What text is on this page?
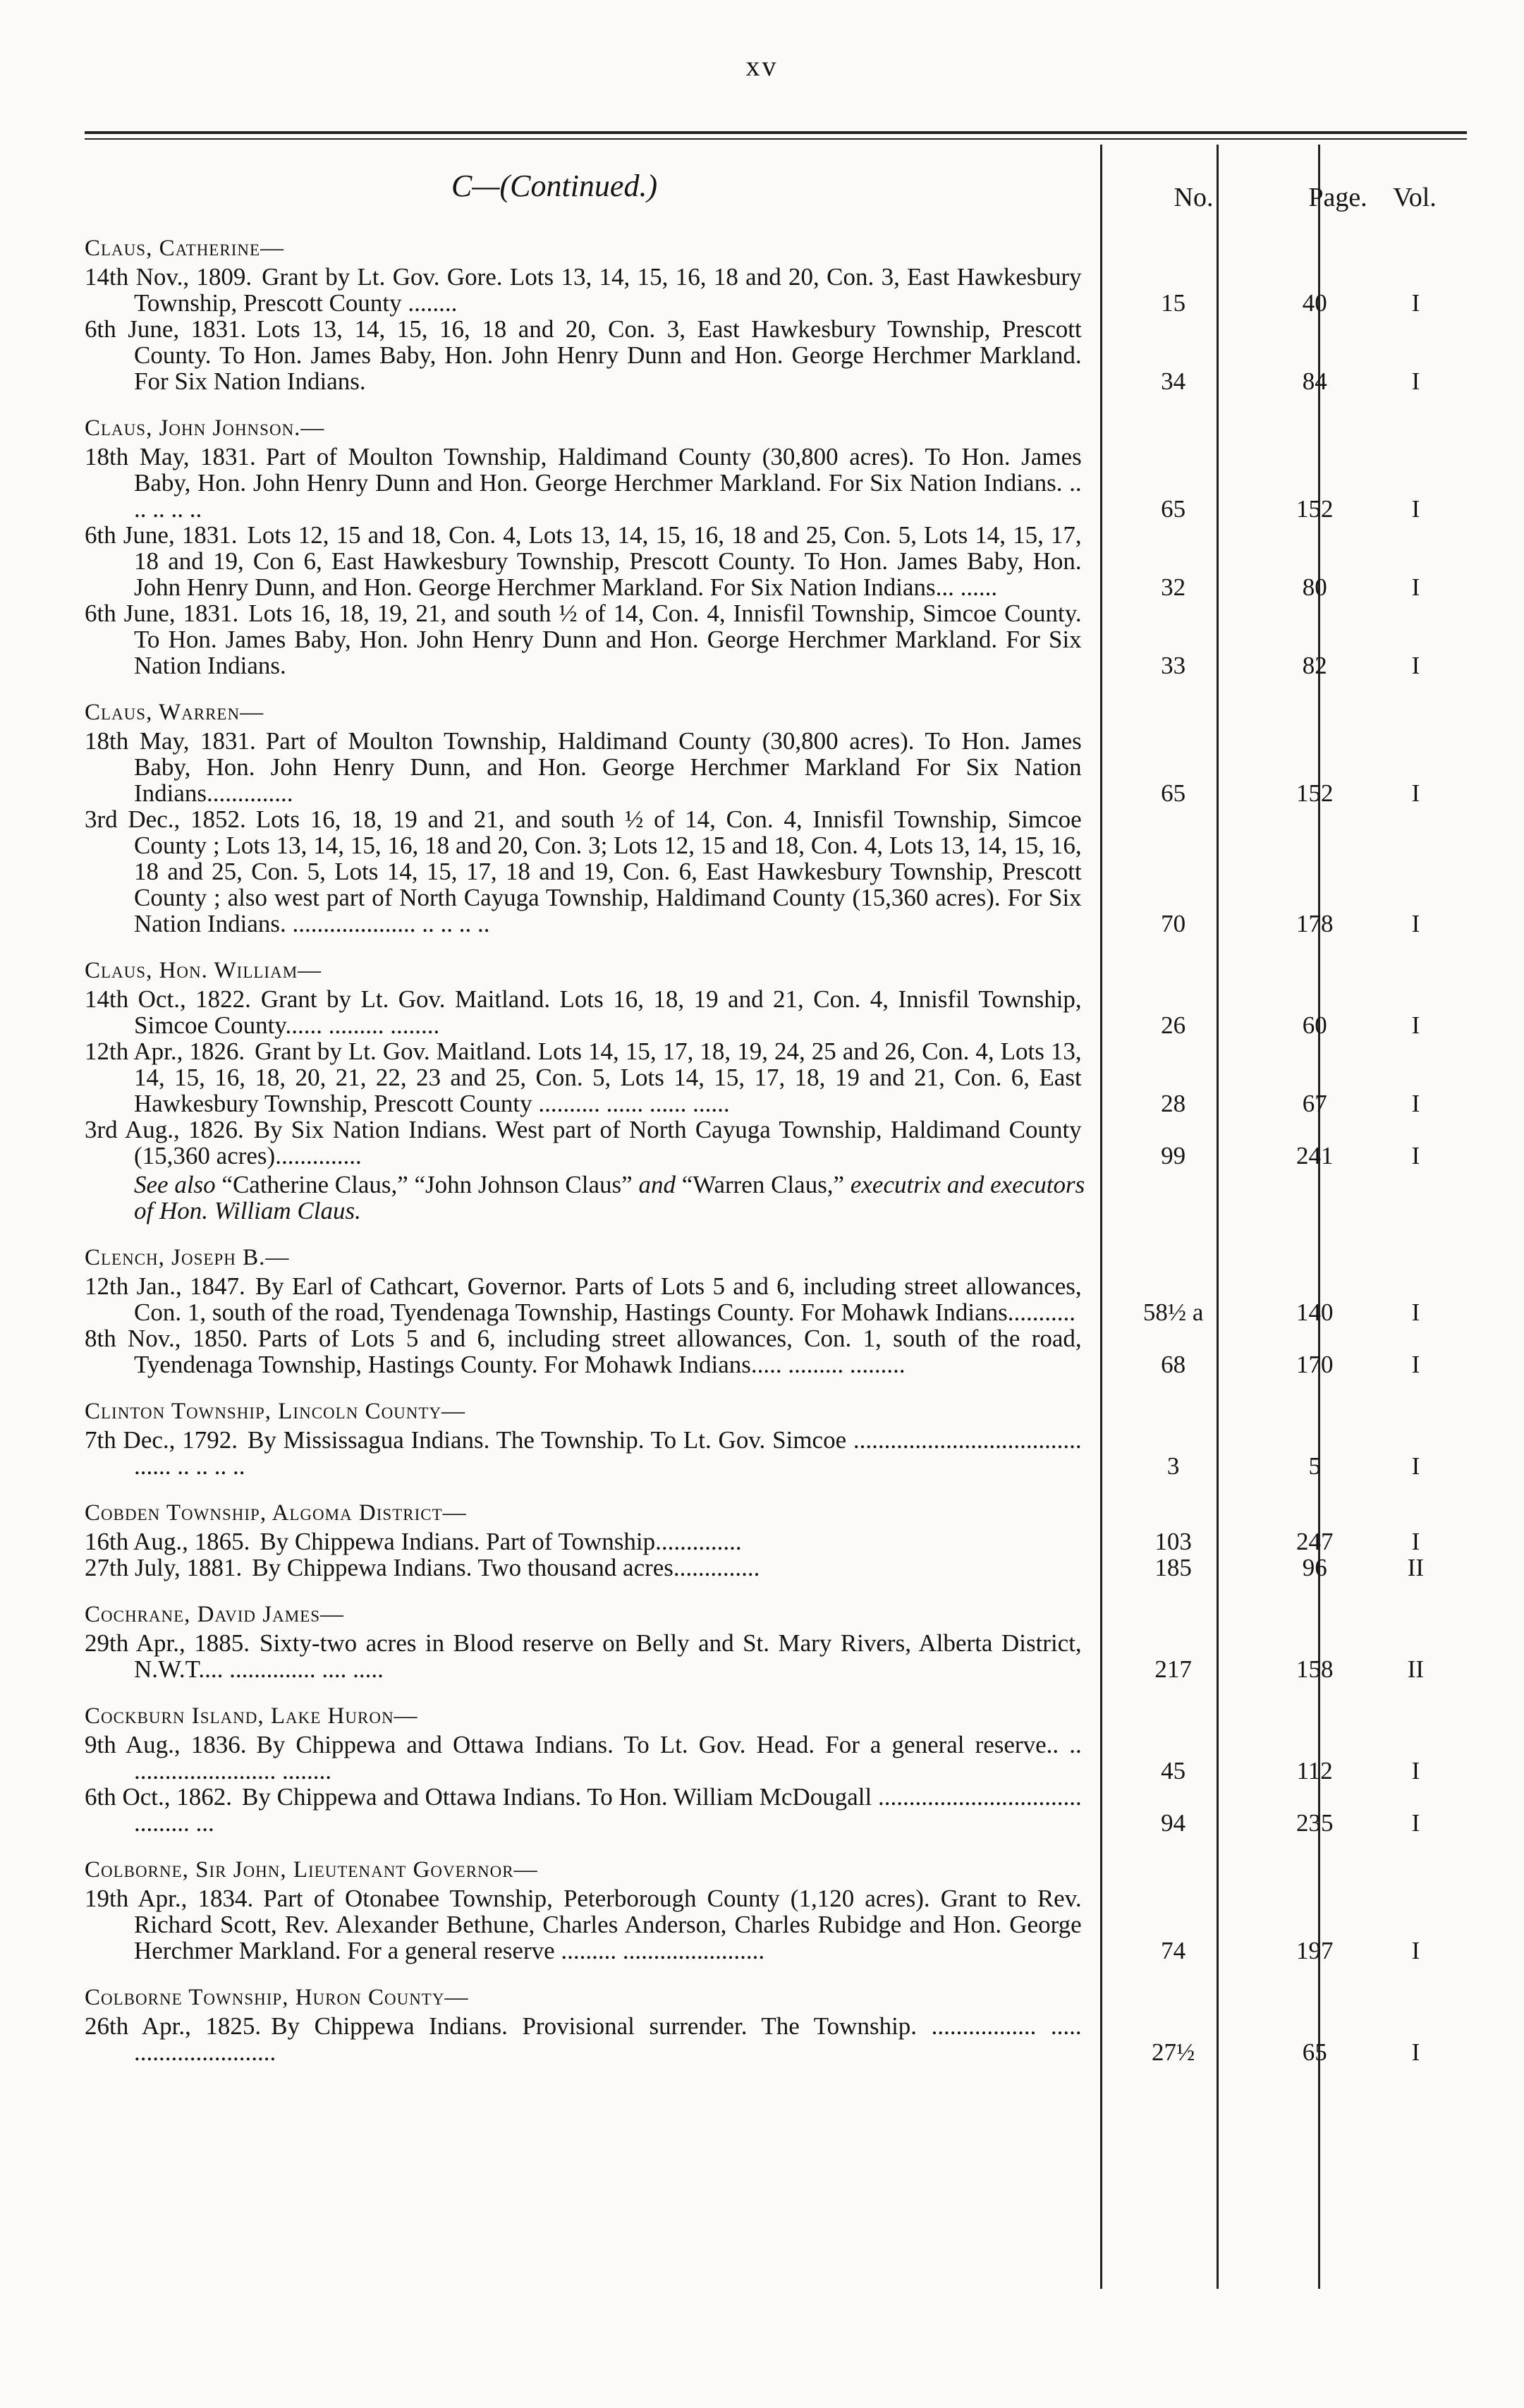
xv
C—(Continued.)	No.	Page. Vol.
Claus, Catherine—
14th Nov., 1809. Grant by Lt. Gov. Gore. Lots 13, 14, 15, 16, 18 and 20, Con. 3, East Hawkesbury Township, Prescott County ........	15	40	I
6th June, 1831. Lots 13, 14, 15, 16, 18 and 20, Con. 3, East Hawkesbury Township, Prescott County. To Hon. James Baby, Hon. John Henry Dunn and Hon. George Herchmer Markland. For Six Nation Indians.	34	84	I
Claus, John Johnson.—
18th May, 1831. Part of Moulton Township, Haldimand County (30,800 acres). To Hon. James Baby, Hon. John Henry Dunn and Hon. George Herchmer Markland. For Six Nation Indians. .. .. .. .. ..	65	152	I
6th June, 1831. Lots 12, 15 and 18, Con. 4, Lots 13, 14, 15, 16, 18 and 25, Con. 5, Lots 14, 15, 17, 18 and 19, Con 6, East Hawkesbury Township, Prescott County. To Hon. James Baby, Hon. John Henry Dunn, and Hon. George Herchmer Markland. For Six Nation Indians... ......	32	80	I
6th June, 1831. Lots 16, 18, 19, 21, and south ½ of 14, Con. 4, Innisfil Township, Simcoe County. To Hon. James Baby, Hon. John Henry Dunn and Hon. George Herchmer Markland. For Six Nation Indians.	33	82	I
Claus, Warren—
18th May, 1831. Part of Moulton Township, Haldimand County (30,800 acres). To Hon. James Baby, Hon. John Henry Dunn, and Hon. George Herchmer Markland For Six Nation Indians..............	65	152	I
3rd Dec., 1852. Lots 16, 18, 19 and 21, and south ½ of 14, Con. 4, Innisfil Township, Simcoe County ; Lots 13, 14, 15, 16, 18 and 20, Con. 3; Lots 12, 15 and 18, Con. 4, Lots 13, 14, 15, 16, 18 and 25, Con. 5, Lots 14, 15, 17, 18 and 19, Con. 6, East Hawkesbury Township, Prescott County ; also west part of North Cayuga Township, Haldimand County (15,360 acres). For Six Nation Indians. .................... .. .. .. ..	70	178	I
Claus, Hon. William—
14th Oct., 1822. Grant by Lt. Gov. Maitland. Lots 16, 18, 19 and 21, Con. 4, Innisfil Township, Simcoe County...... ......... ........	26	60	I
12th Apr., 1826. Grant by Lt. Gov. Maitland. Lots 14, 15, 17, 18, 19, 24, 25 and 26, Con. 4, Lots 13, 14, 15, 16, 18, 20, 21, 22, 23 and 25, Con. 5, Lots 14, 15, 17, 18, 19 and 21, Con. 6, East Hawkesbury Township, Prescott County .......... ...... ...... ......	28	67	I
3rd Aug., 1826. By Six Nation Indians. West part of North Cayuga Township, Haldimand County (15,360 acres)..............	99	241	I
See also “Catherine Claus,” “John Johnson Claus” and “Warren Claus,” executrix and executors of Hon. William Claus.
Clench, Joseph B.—
12th Jan., 1847. By Earl of Cathcart, Governor. Parts of Lots 5 and 6, including street allowances, Con. 1, south of the road, Tyendenaga Township, Hastings County. For Mohawk Indians...........	58½ a	140	I
8th Nov., 1850. Parts of Lots 5 and 6, including street allowances, Con. 1, south of the road, Tyendenaga Township, Hastings County. For Mohawk Indians..... ......... .........	68	170	I
Clinton Township, Lincoln County—
7th Dec., 1792. By Mississagua Indians. The Township. To Lt. Gov. Simcoe ..................................... ...... .. .. .. ..	3	5	I
Cobden Township, Algoma District—
16th Aug., 1865. By Chippewa Indians. Part of Township..............	103	247	I
27th July, 1881. By Chippewa Indians. Two thousand acres..............	185	96	II
Cochrane, David James—
29th Apr., 1885. Sixty-two acres in Blood reserve on Belly and St. Mary Rivers, Alberta District, N.W.T.... .............. .... .....	217	158	II
Cockburn Island, Lake Huron—
9th Aug., 1836. By Chippewa and Ottawa Indians. To Lt. Gov. Head. For a general reserve.. .. ....................... ........	45	112	I
6th Oct., 1862. By Chippewa and Ottawa Indians. To Hon. William McDougall ................................. ......... ...	94	235	I
Colborne, Sir John, Lieutenant Governor—
19th Apr., 1834. Part of Otonabee Township, Peterborough County (1,120 acres). Grant to Rev. Richard Scott, Rev. Alexander Bethune, Charles Anderson, Charles Rubidge and Hon. George Herchmer Markland. For a general reserve ......... .......................	74	197	I
Colborne Township, Huron County—
26th Apr., 1825. By Chippewa Indians. Provisional surrender. The Township. ................. ..... .......................	27½	65	I
